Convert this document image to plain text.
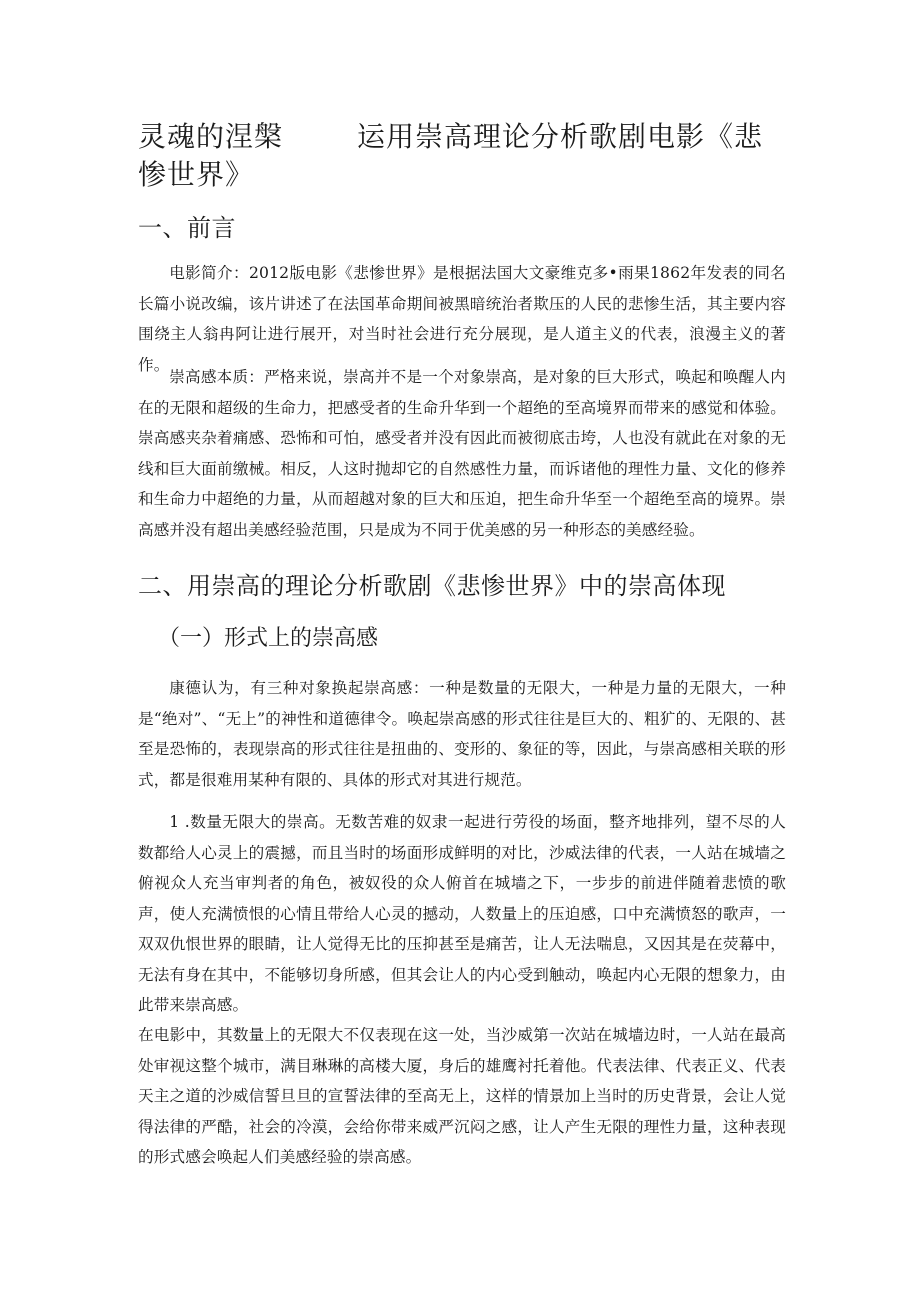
灵魂的涅槃	运用崇高理论分析歌剧电影《悲惨世界》
一、前言

电影简介：2012版电影《悲惨世界》是根据法国大文豪维克多•雨果1862年发表的同名长篇小说改编，该片讲述了在法国革命期间被黑暗统治者欺压的人民的悲惨生活，其主要内容围绕主人翁冉阿让进行展开，对当时社会进行充分展现，是人道主义的代表，浪漫主义的著作。

崇高感本质：严格来说，崇高并不是一个对象崇高，是对象的巨大形式，唤起和唤醒人内在的无限和超级的生命力，把感受者的生命升华到一个超绝的至高境界而带来的感觉和体验。崇高感夹杂着痛感、恐怖和可怕，感受者并没有因此而被彻底击垮，人也没有就此在对象的无线和巨大面前缴械。相反，人这时抛却它的自然感性力量，而诉诸他的理性力量、文化的修养和生命力中超绝的力量，从而超越对象的巨大和压迫，把生命升华至一个超绝至高的境界。崇高感并没有超出美感经验范围，只是成为不同于优美感的另一种形态的美感经验。

二、用崇高的理论分析歌剧《悲惨世界》中的崇高体现
（一）形式上的崇高感

康德认为，有三种对象换起崇高感：一种是数量的无限大，一种是力量的无限大，一种是“绝对”、“无上”的神性和道德律令。唤起崇高感的形式往往是巨大的、粗犷的、无限的、甚至是恐怖的，表现崇高的形式往往是扭曲的、变形的、象征的等，因此，与崇高感相关联的形式，都是很难用某种有限的、具体的形式对其进行规范。

1 .数量无限大的崇高。无数苦难的奴隶一起进行劳役的场面，整齐地排列，望不尽的人数都给人心灵上的震撼，而且当时的场面形成鲜明的对比，沙威法律的代表，一人站在城墙之俯视众人充当审判者的角色，被奴役的众人俯首在城墙之下，一步步的前进伴随着悲愤的歌声，使人充满愤恨的心情且带给人心灵的撼动，人数量上的压迫感，口中充满愤怒的歌声，一双双仇恨世界的眼睛，让人觉得无比的压抑甚至是痛苦，让人无法喘息，又因其是在荧幕中，无法有身在其中，不能够切身所感，但其会让人的内心受到触动，唤起内心无限的想象力，由此带来崇高感。

在电影中，其数量上的无限大不仅表现在这一处，当沙威第一次站在城墙边时，一人站在最高处审视这整个城市，满目琳琳的高楼大厦，身后的雄鹰衬托着他。代表法律、代表正义、代表天主之道的沙威信誓旦旦的宣誓法律的至高无上，这样的情景加上当时的历史背景，会让人觉得法律的严酷，社会的冷漠，会给你带来威严沉闷之感，让人产生无限的理性力量，这种表现的形式感会唤起人们美感经验的崇高感。
